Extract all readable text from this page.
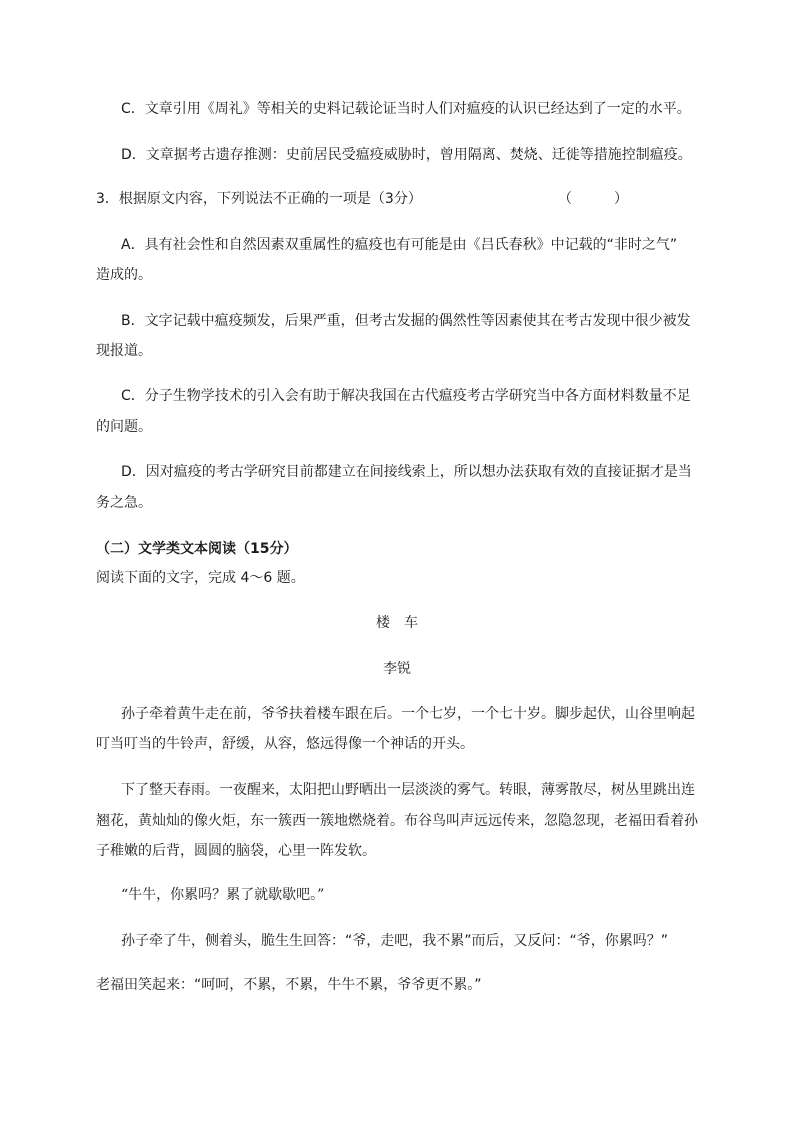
C．文章引用《周礼》等相关的史料记载论证当时人们对瘟疫的认识已经达到了一定的水平。
D．文章据考古遗存推测：史前居民受瘟疫威胁时，曾用隔离、焚烧、迁徙等措施控制瘟疫。
3．根据原文内容，下列说法不正确的一项是（3分）	（　　　）
A．具有社会性和自然因素双重属性的瘟疫也有可能是由《吕氏春秋》中记载的“非时之气”
造成的。
B．文字记载中瘟疫频发，后果严重，但考古发掘的偶然性等因素使其在考古发现中很少被发
现报道。
C．分子生物学技术的引入会有助于解决我国在古代瘟疫考古学研究当中各方面材料数量不足
的问题。
D．因对瘟疫的考古学研究目前都建立在间接线索上，所以想办法获取有效的直接证据才是当
务之急。
（二）文学类文本阅读（15分）
阅读下面的文字，完成 4～6 题。
楼　车
李锐
孙子牵着黄牛走在前，爷爷扶着楼车跟在后。一个七岁，一个七十岁。脚步起伏，山谷里响起
叮当叮当的牛铃声，舒缓，从容，悠远得像一个神话的开头。
下了整天春雨。一夜醒来，太阳把山野晒出一层淡淡的雾气。转眼，薄雾散尽，树丛里跳出连
翘花，黄灿灿的像火炬，东一簇西一簇地燃烧着。布谷鸟叫声远远传来，忽隐忽现，老福田看着孙
子稚嫩的后背，圆圆的脑袋，心里一阵发软。
“牛牛，你累吗？累了就歇歇吧。”
孙子牵了牛，侧着头，脆生生回答：“爷，走吧，我不累”而后，又反问：“爷，你累吗？”
老福田笑起来：“呵呵，不累，不累，牛牛不累，爷爷更不累。”
